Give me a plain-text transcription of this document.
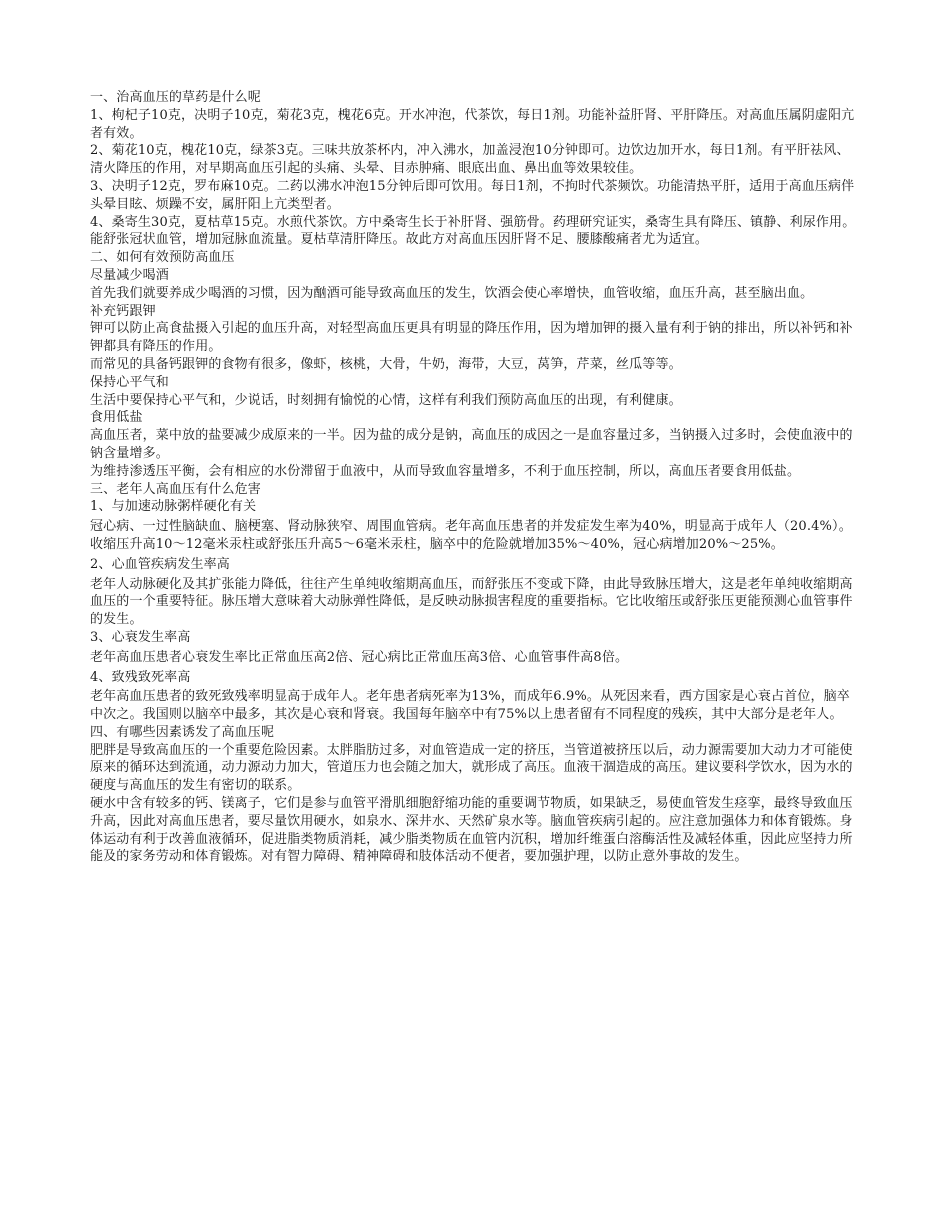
一、治高血压的草药是什么呢

1、枸杞子10克，决明子10克，菊花3克，槐花6克。开水冲泡，代茶饮，每日1剂。功能补益肝肾、平肝降压。对高血压属阴虚阳亢者有效。

2、菊花10克，槐花10克，绿茶3克。三味共放茶杯内，冲入沸水，加盖浸泡10分钟即可。边饮边加开水，每日1剂。有平肝祛风、清火降压的作用，对早期高血压引起的头痛、头晕、目赤肿痛、眼底出血、鼻出血等效果较佳。

3、决明子12克，罗布麻10克。二药以沸水冲泡15分钟后即可饮用。每日1剂，不拘时代茶频饮。功能清热平肝，适用于高血压病伴头晕目眩、烦躁不安，属肝阳上亢类型者。

4、桑寄生30克，夏枯草15克。水煎代茶饮。方中桑寄生长于补肝肾、强筋骨。药理研究证实，桑寄生具有降压、镇静、利尿作用。能舒张冠状血管，增加冠脉血流量。夏枯草清肝降压。故此方对高血压因肝肾不足、腰膝酸痛者尤为适宜。

二、如何有效预防高血压

尽量减少喝酒

首先我们就要养成少喝酒的习惯，因为酗酒可能导致高血压的发生，饮酒会使心率增快，血管收缩，血压升高，甚至脑出血。

补充钙跟钾

钾可以防止高食盐摄入引起的血压升高，对轻型高血压更具有明显的降压作用，因为增加钾的摄入量有利于钠的排出，所以补钙和补钾都具有降压的作用。

而常见的具备钙跟钾的食物有很多，像虾，核桃，大骨，牛奶，海带，大豆，莴笋，芹菜，丝瓜等等。

保持心平气和

生活中要保持心平气和，少说话，时刻拥有愉悦的心情，这样有利我们预防高血压的出现，有利健康。

食用低盐

高血压者，菜中放的盐要减少成原来的一半。因为盐的成分是钠，高血压的成因之一是血容量过多，当钠摄入过多时，会使血液中的钠含量增多。

为维持渗透压平衡，会有相应的水份滞留于血液中，从而导致血容量增多，不利于血压控制，所以，高血压者要食用低盐。

三、老年人高血压有什么危害

1、与加速动脉粥样硬化有关

冠心病、一过性脑缺血、脑梗塞、肾动脉狭窄、周围血管病。老年高血压患者的并发症发生率为40%，明显高于成年人（20.4%）。收缩压升高10～12毫米汞柱或舒张压升高5～6毫米汞柱，脑卒中的危险就增加35%～40%，冠心病增加20%～25%。

2、心血管疾病发生率高

老年人动脉硬化及其扩张能力降低，往往产生单纯收缩期高血压，而舒张压不变或下降，由此导致脉压增大，这是老年单纯收缩期高血压的一个重要特征。脉压增大意味着大动脉弹性降低，是反映动脉损害程度的重要指标。它比收缩压或舒张压更能预测心血管事件的发生。

3、心衰发生率高

老年高血压患者心衰发生率比正常血压高2倍、冠心病比正常血压高3倍、心血管事件高8倍。

4、致残致死率高

老年高血压患者的致死致残率明显高于成年人。老年患者病死率为13%，而成年6.9%。从死因来看，西方国家是心衰占首位，脑卒中次之。我国则以脑卒中最多，其次是心衰和肾衰。我国每年脑卒中有75%以上患者留有不同程度的残疾，其中大部分是老年人。

四、有哪些因素诱发了高血压呢

肥胖是导致高血压的一个重要危险因素。太胖脂肪过多，对血管造成一定的挤压，当管道被挤压以后，动力源需要加大动力才可能使原来的循环达到流通，动力源动力加大，管道压力也会随之加大，就形成了高压。血液干涸造成的高压。建议要科学饮水，因为水的硬度与高血压的发生有密切的联系。

硬水中含有较多的钙、镁离子，它们是参与血管平滑肌细胞舒缩功能的重要调节物质，如果缺乏，易使血管发生痉挛，最终导致血压升高，因此对高血压患者，要尽量饮用硬水，如泉水、深井水、天然矿泉水等。脑血管疾病引起的。应注意加强体力和体育锻炼。身体运动有利于改善血液循环，促进脂类物质消耗，减少脂类物质在血管内沉积，增加纤维蛋白溶酶活性及减轻体重，因此应坚持力所能及的家务劳动和体育锻炼。对有智力障碍、精神障碍和肢体活动不便者，要加强护理，以防止意外事故的发生。
